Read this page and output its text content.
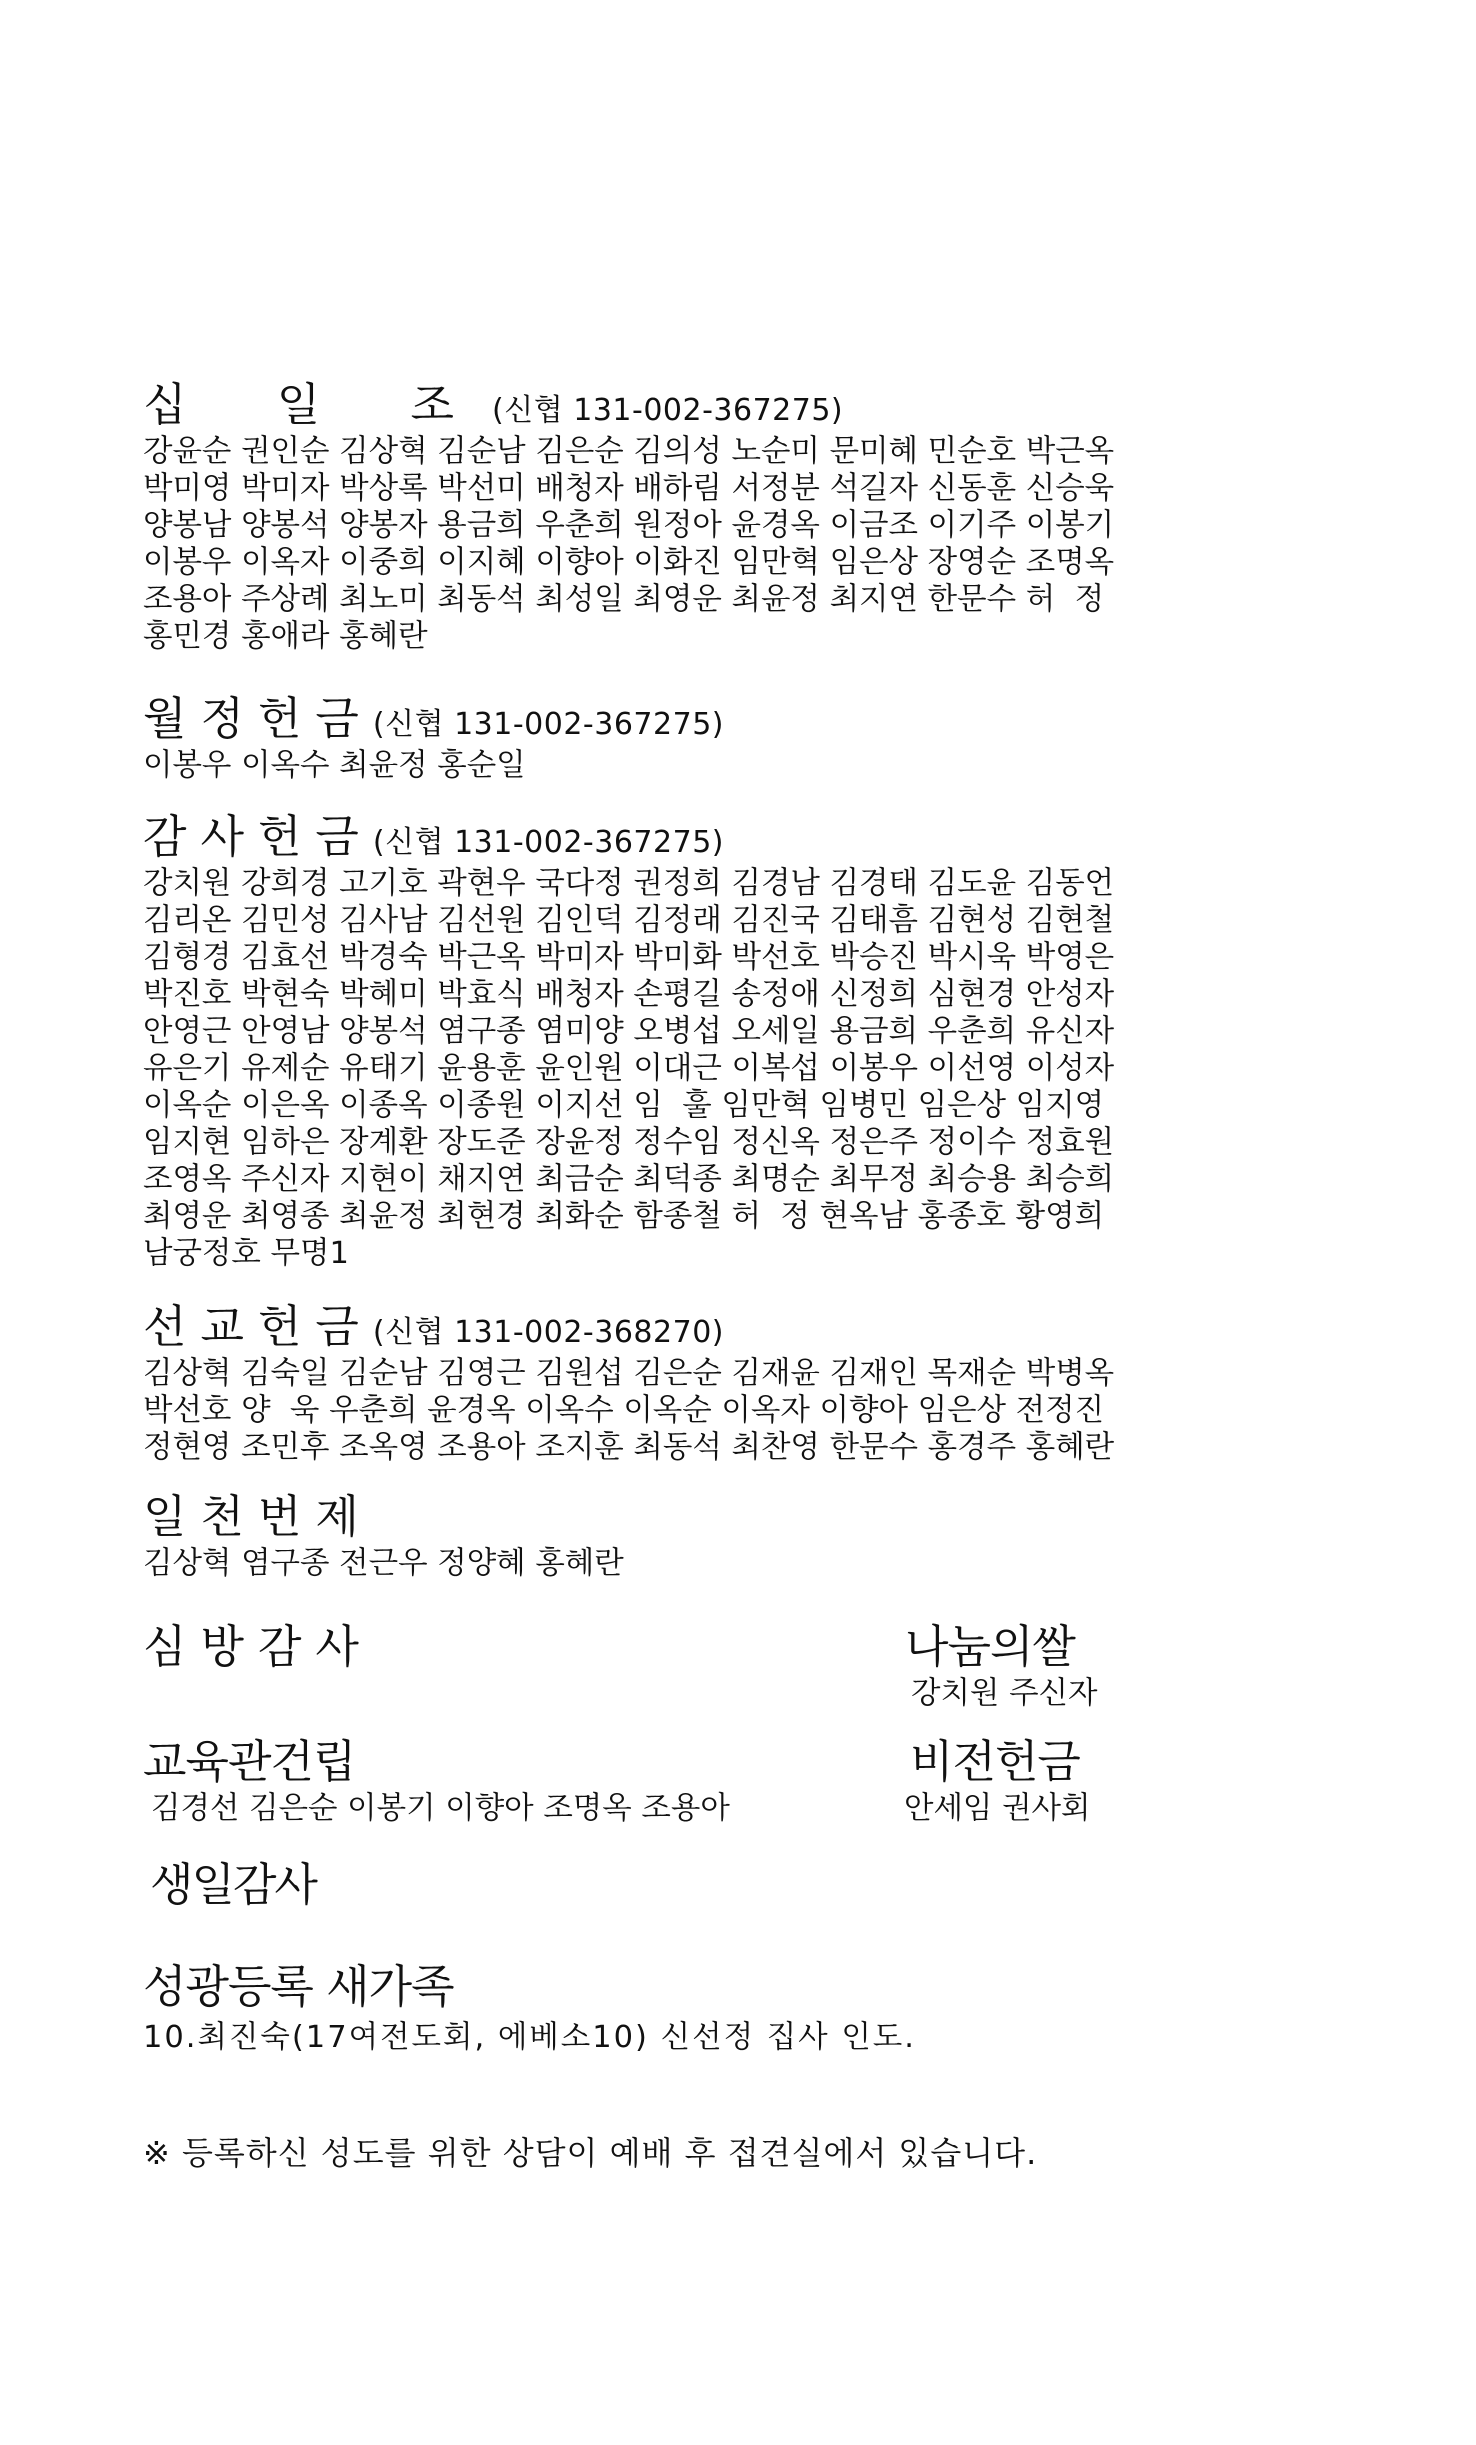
십 일 조 (신협 131-002-367275)
강윤순 권인순 김상혁 김순남 김은순 김의성 노순미 문미혜 민순호 박근옥
박미영 박미자 박상록 박선미 배청자 배하림 서정분 석길자 신동훈 신승욱
양봉남 양봉석 양봉자 용금희 우춘희 원정아 윤경옥 이금조 이기주 이봉기
이봉우 이옥자 이중희 이지혜 이향아 이화진 임만혁 임은상 장영순 조명옥
조용아 주상례 최노미 최동석 최성일 최영운 최윤정 최지연 한문수 허  정
홍민경 홍애라 홍혜란
월정헌금 (신협 131-002-367275)
이봉우 이옥수 최윤정 홍순일
감사헌금 (신협 131-002-367275)
강치원 강희경 고기호 곽현우 국다정 권정희 김경남 김경태 김도윤 김동언
김리온 김민성 김사남 김선원 김인덕 김정래 김진국 김태흠 김현성 김현철
김형경 김효선 박경숙 박근옥 박미자 박미화 박선호 박승진 박시욱 박영은
박진호 박현숙 박혜미 박효식 배청자 손평길 송정애 신정희 심현경 안성자
안영근 안영남 양봉석 염구종 염미양 오병섭 오세일 용금희 우춘희 유신자
유은기 유제순 유태기 윤용훈 윤인원 이대근 이복섭 이봉우 이선영 이성자
이옥순 이은옥 이종옥 이종원 이지선 임  훌 임만혁 임병민 임은상 임지영
임지현 임하은 장계환 장도준 장윤정 정수임 정신옥 정은주 정이수 정효원
조영옥 주신자 지현이 채지연 최금순 최덕종 최명순 최무정 최승용 최승희
최영운 최영종 최윤정 최현경 최화순 함종철 허  정 현옥남 홍종호 황영희
남궁정호 무명1
선교헌금 (신협 131-002-368270)
김상혁 김숙일 김순남 김영근 김원섭 김은순 김재윤 김재인 목재순 박병옥
박선호 양  욱 우춘희 윤경옥 이옥수 이옥순 이옥자 이향아 임은상 전정진
정현영 조민후 조옥영 조용아 조지훈 최동석 최찬영 한문수 홍경주 홍혜란
일천번제
김상혁 염구종 전근우 정양혜 홍혜란
심방감사	나눔의쌀
강치원 주신자
교육관건립
김경선 김은순 이봉기 이향아 조명옥 조용아
비전헌금
안세임 권사회
생일감사
성광등록 새가족
10.최진숙(17여전도회, 에베소10) 신선정 집사 인도.
※ 등록하신 성도를 위한 상담이 예배 후 접견실에서 있습니다.
